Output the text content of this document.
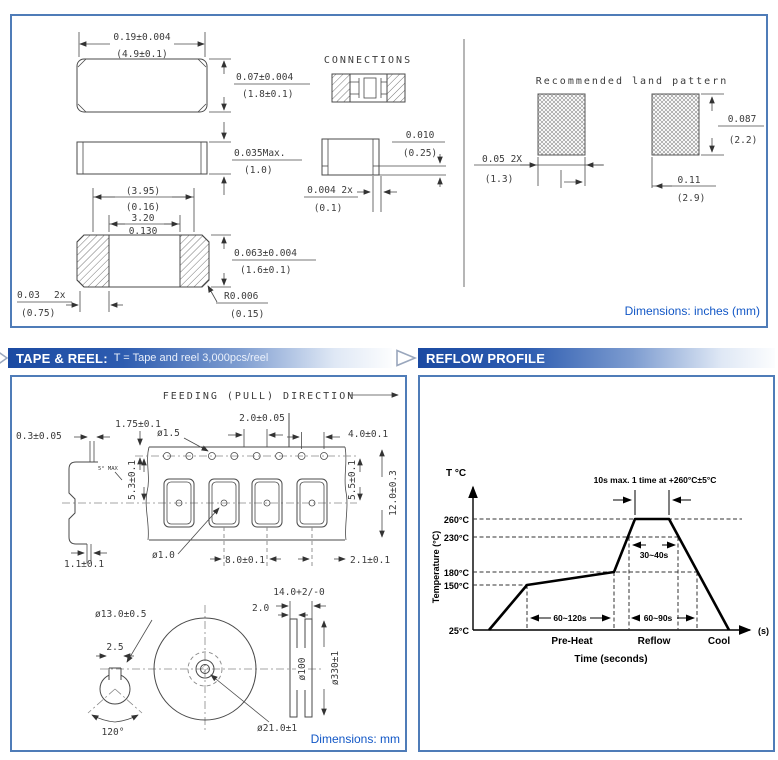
0.19±0.004
(4.9±0.1)
0.07±0.004
(1.8±0.1)
0.035Max.
(1.0)
(3.95)
(0.16)
3.20
0.130
0.063±0.004
(1.6±0.1)
0.03 2x
(0.75)
R0.006
(0.15)
CONNECTIONS
0.010
(0.25)
0.004 2x
(0.1)
Recommended land pattern
0.087
(2.2)
0.05 2X
(1.3)	0.11
(2.9)
Dimensions: inches (mm)
TAPE & REEL: T = Tape and reel 3,000pcs/reel	REFLOW PROFILE
FEEDING (PULL) DIRECTION
2.0±0.05
4.0±0.1
1.75±0.1
0.3±0.05	ø1.5
5° MAX 5.3±0.1
1.1±0.1
ø1.0	8.0±0.1	2.1±0.1
5.5±0.1	12.0±0.3
ø13.0±0.5
ø21.0±1
2.5
120°
14.0+2/-0
2.0
ø100 ø330±1
Dimensions: mm
T °C
Temperature (°C)
(s)
260°C
230°C
180°C
150°C
25°C
10s max. 1 time at +260°C±5°C
30~40s
60~120s	60~90s
Pre-Heat	Reflow	Cool
Time (seconds)
